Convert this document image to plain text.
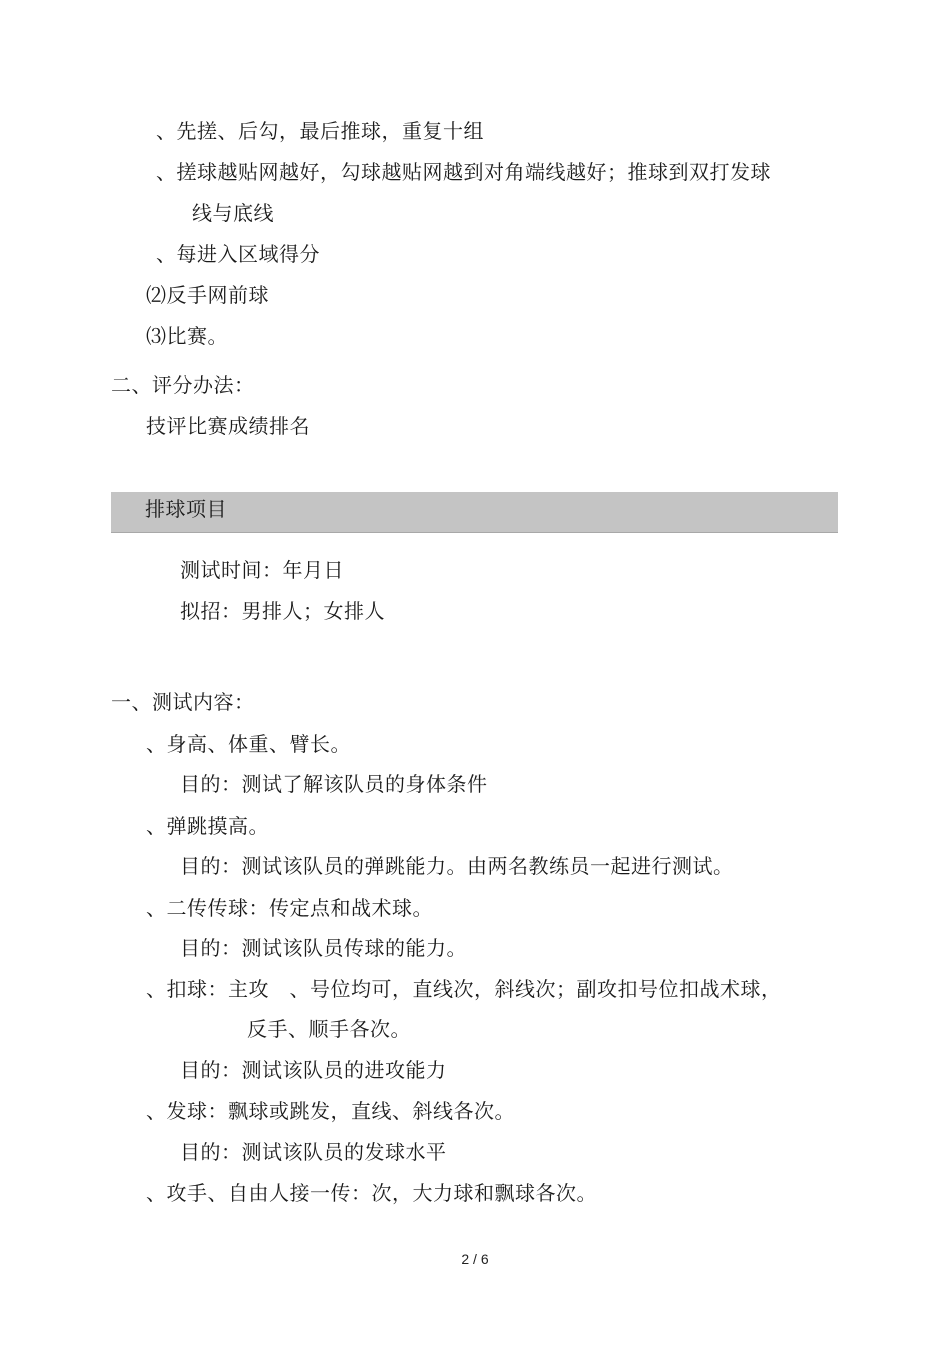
、先搓、后勾，最后推球，重复十组
、搓球越贴网越好，勾球越贴网越到对角端线越好；推球到双打发球
线与底线
、每进入区域得分
⑵反手网前球
⑶比赛。
二、评分办法：
技评比赛成绩排名
排球项目
测试时间：年月日
拟招：男排人；女排人
一、测试内容：
、身高、体重、臂长。
目的：测试了解该队员的身体条件
、弹跳摸高。
目的：测试该队员的弹跳能力。由两名教练员一起进行测试。
、二传传球：传定点和战术球。
目的：测试该队员传球的能力。
、扣球：主攻　、号位均可，直线次，斜线次；副攻扣号位扣战术球，
反手、顺手各次。
目的：测试该队员的进攻能力
、发球：飘球或跳发，直线、斜线各次。
目的：测试该队员的发球水平
、攻手、自由人接一传：次，大力球和飘球各次。
2 / 6
